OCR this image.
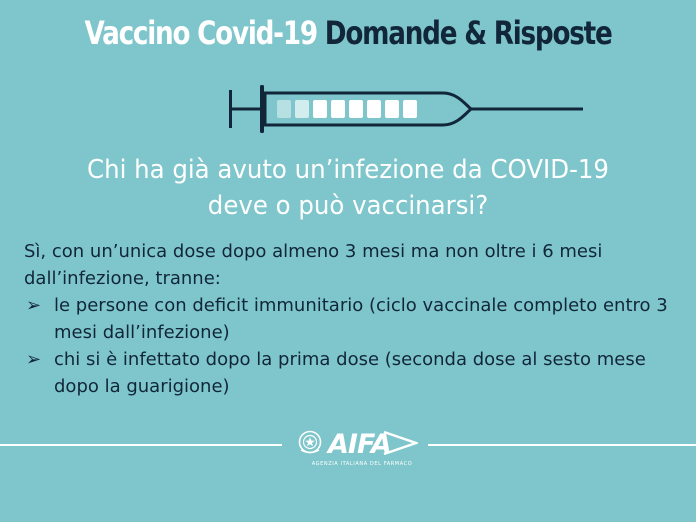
Vaccino Covid-19 Domande & Risposte
Chi ha già avuto un’infezione da COVID-19
deve o può vaccinarsi?

Sì, con un’unica dose dopo almeno 3 mesi ma non oltre i 6 mesi dall’infezione, tranne:

➢ le persone con deficit immunitario (ciclo vaccinale completo entro 3 mesi dall’infezione)
➢ chi si è infettato dopo la prima dose (seconda dose al sesto mese dopo la guarigione)
AIFA
AGENZIA ITALIANA DEL FARMACO
